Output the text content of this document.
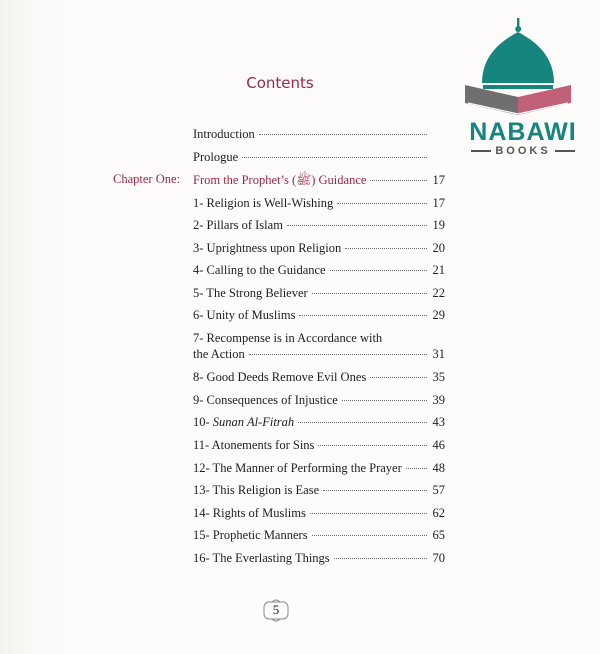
Contents
Chapter One:
Introduction
Prologue
From the Prophet’s (ﷺ) Guidance	17
1- Religion is Well-Wishing	17
2- Pillars of Islam	19
3- Uprightness upon Religion	20
4- Calling to the Guidance	21
5- The Strong Believer	22
6- Unity of Muslims	29
7- Recompense is in Accordance with
the Action	31
8- Good Deeds Remove Evil Ones	35
9- Consequences of Injustice	39
10- Sunan Al-Fitrah	43
11- Atonements for Sins	46
12- The Manner of Performing the Prayer 48
13- This Religion is Ease	57
14- Rights of Muslims	62
15- Prophetic Manners	65
16- The Everlasting Things	70
5
NABAWI
BOOKS
